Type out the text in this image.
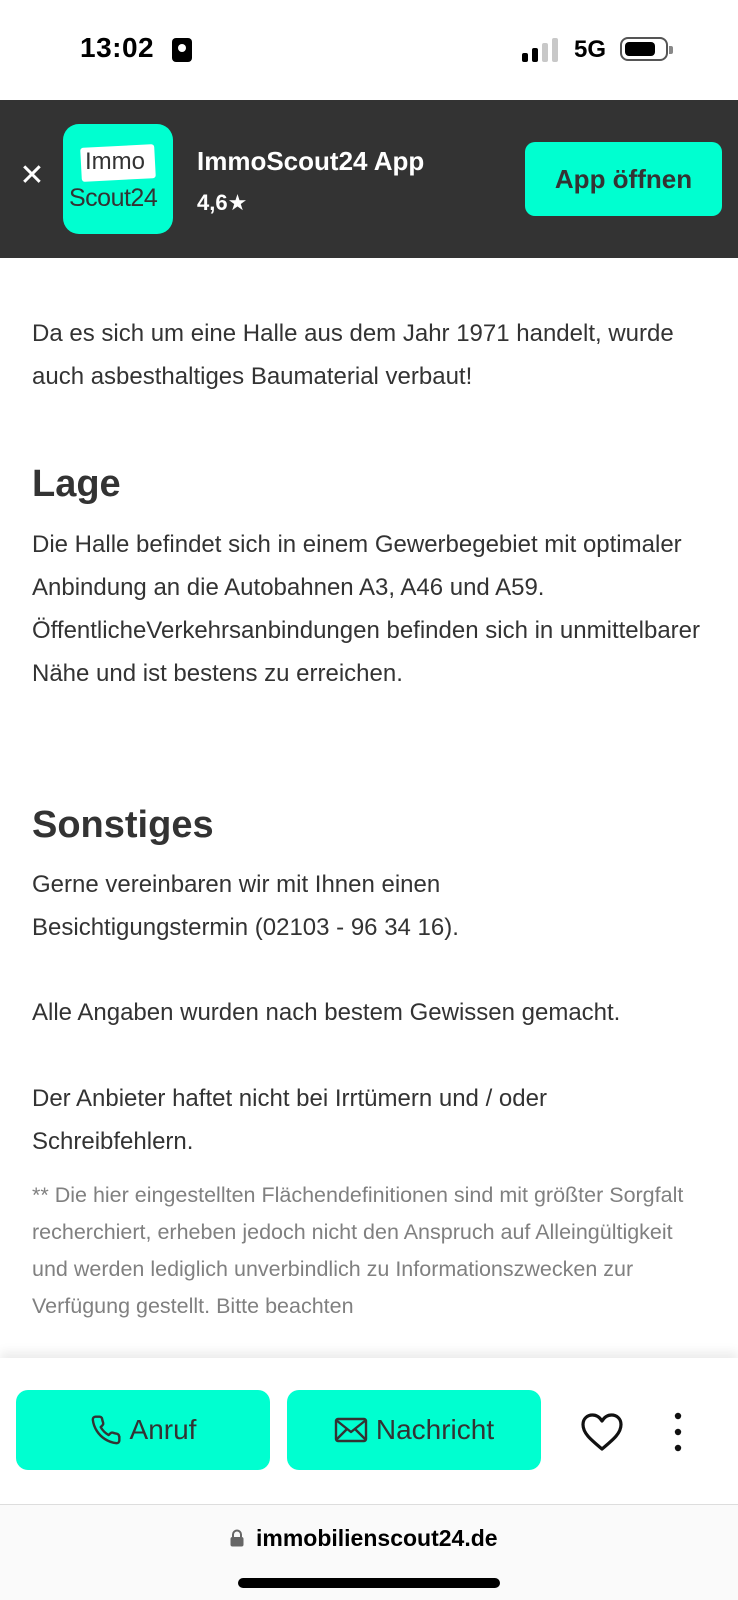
13:02	5G
✕ Immo
Scout24
ImmoScout24 App
4,6★
App öffnen

Da es sich um eine Halle aus dem Jahr 1971 handelt, wurde auch asbesthaltiges Baumaterial verbaut!

Lage

Die Halle befindet sich in einem Gewerbegebiet mit optimaler Anbindung an die Autobahnen A3, A46 und A59. ÖffentlicheVerkehrsanbindungen befinden sich in unmittelbarer Nähe und ist bestens zu erreichen.

Sonstiges

Gerne vereinbaren wir mit Ihnen einen Besichtigungstermin (02103 - 96 34 16).

Alle Angaben wurden nach bestem Gewissen gemacht.

Der Anbieter haftet nicht bei Irrtümern und / oder Schreibfehlern.

** Die hier eingestellten Flächendefinitionen sind mit größter Sorgfalt recherchiert, erheben jedoch nicht den Anspruch auf Alleingültigkeit und werden lediglich unverbindlich zu Informationszwecken zur Verfügung gestellt. Bitte beachten

Anruf	Nachricht
immobilienscout24.de
